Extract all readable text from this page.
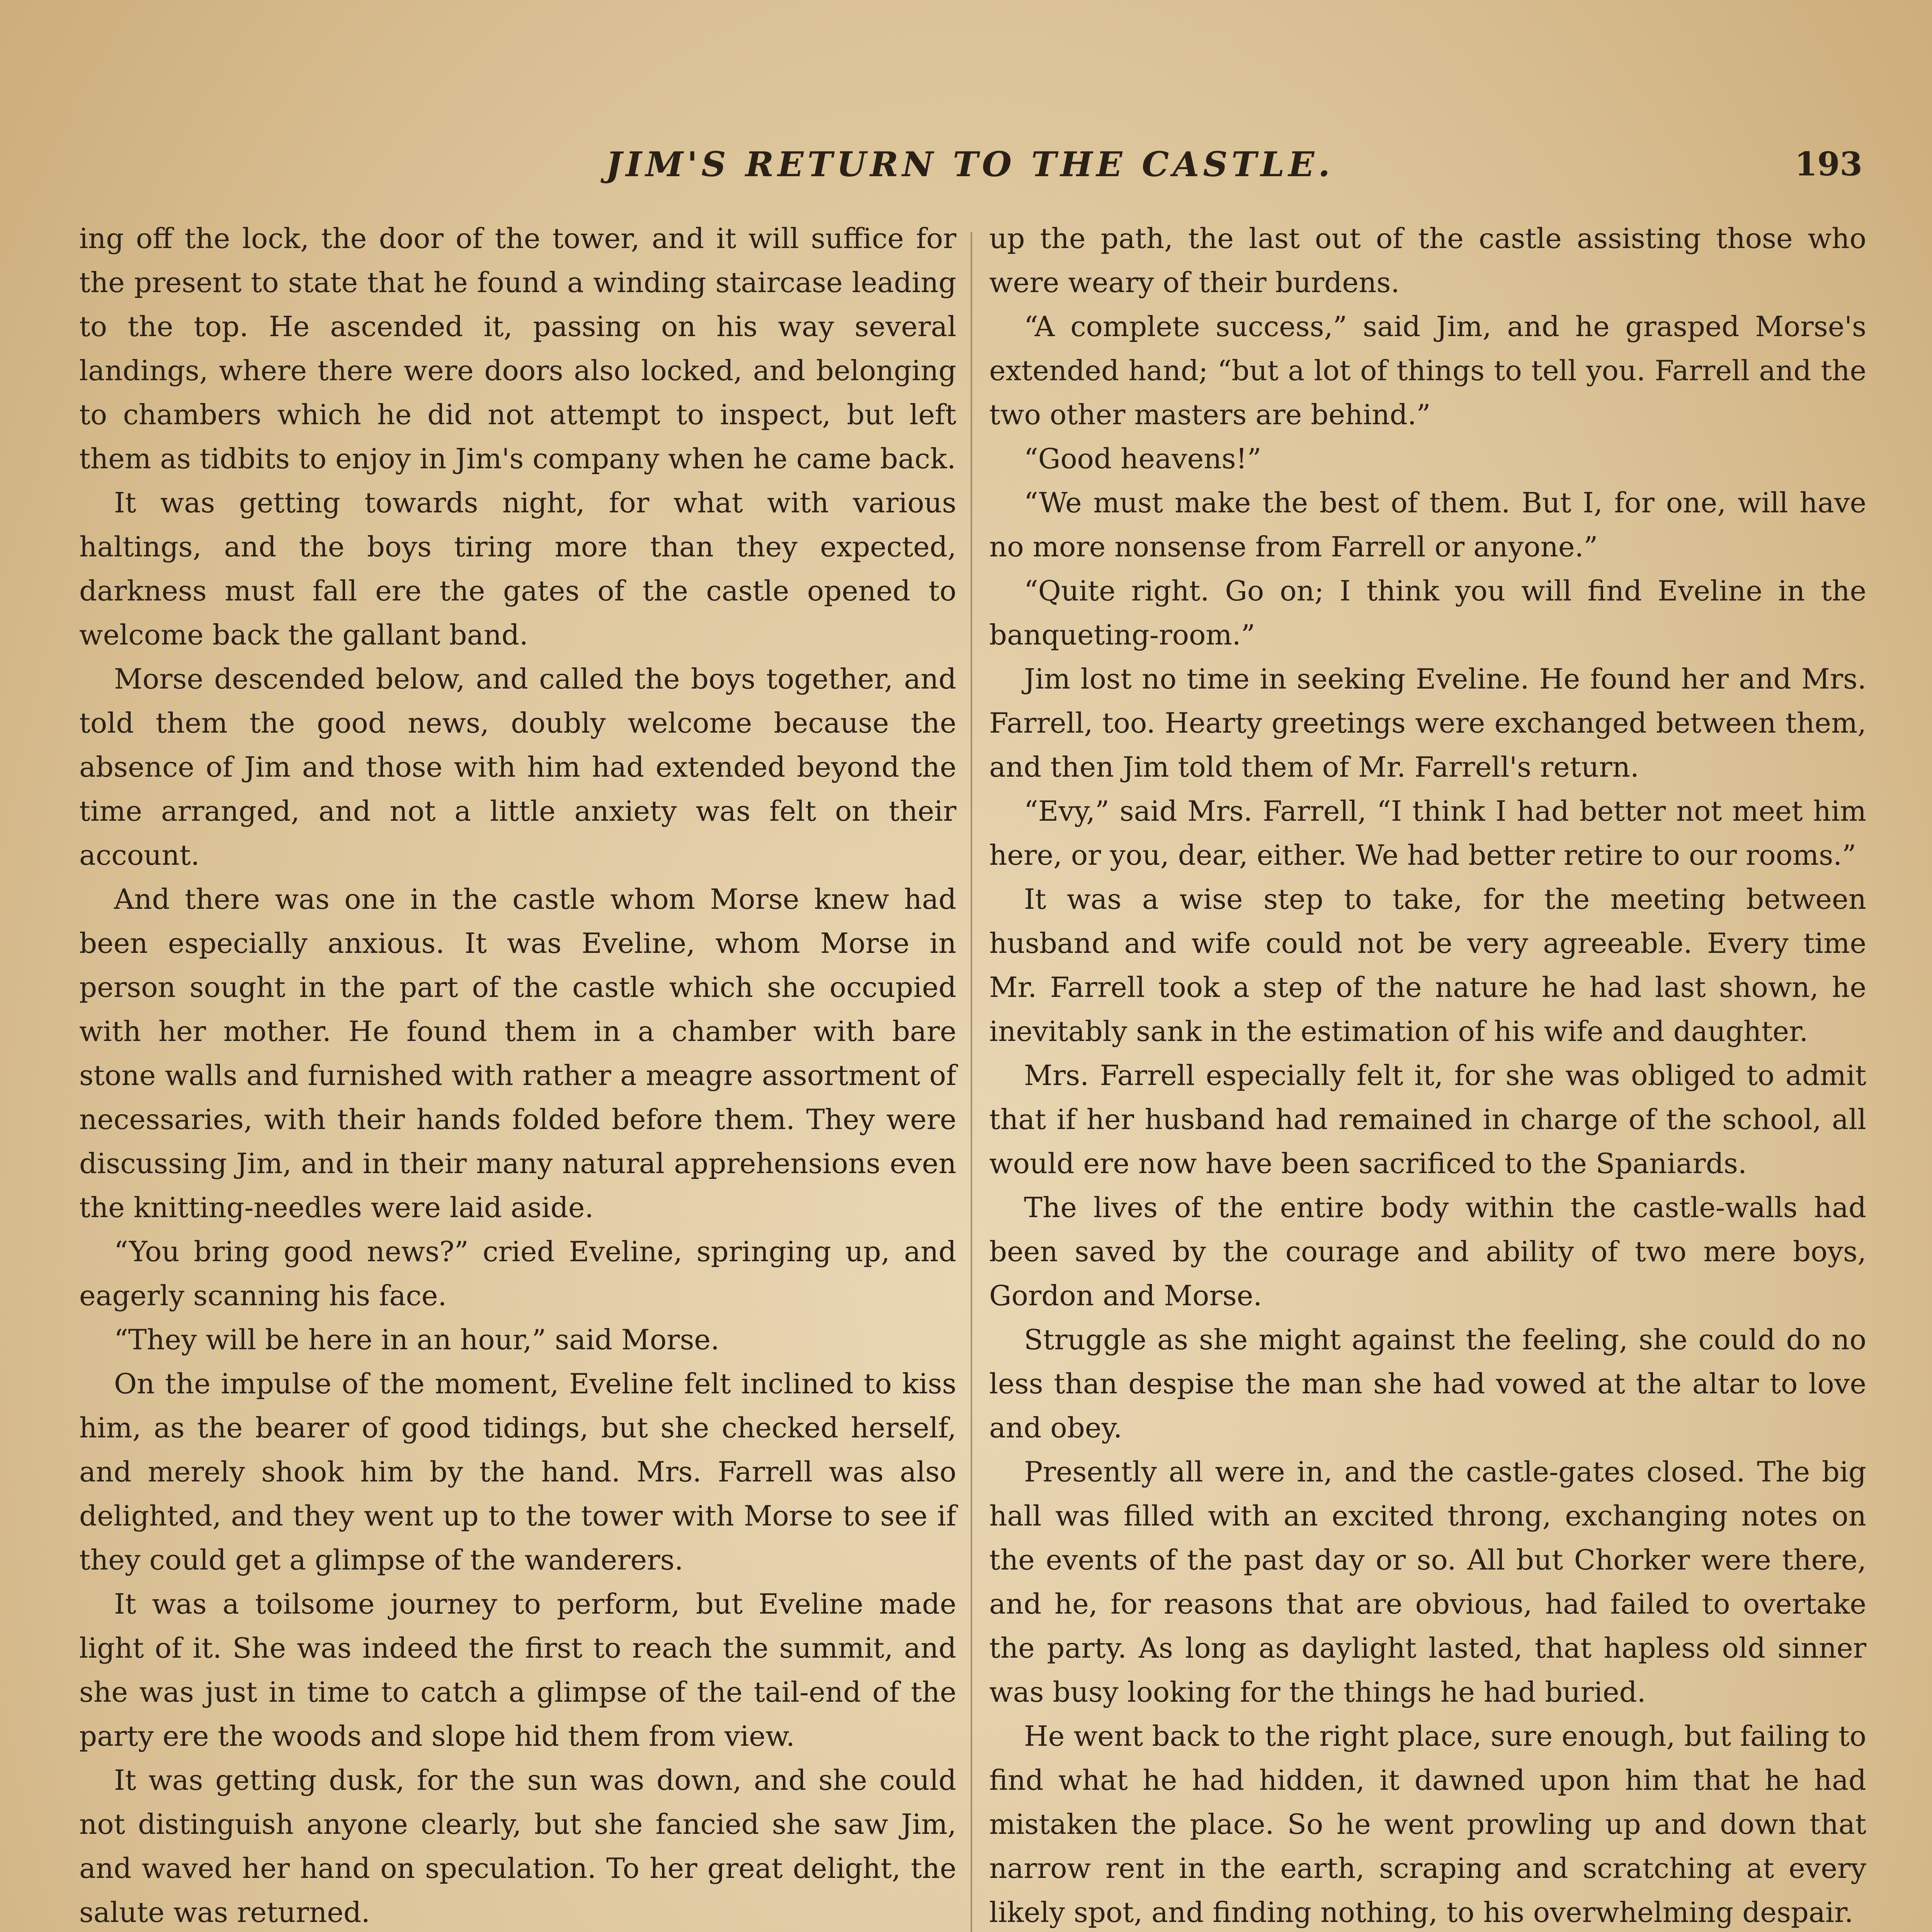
JIM'S RETURN TO THE CASTLE.	193

ing off the lock, the door of the tower, and it will suffice for the present to state that he found a winding staircase leading to the top. He ascended it, passing on his way several landings, where there were doors also locked, and belonging to chambers which he did not attempt to inspect, but left them as tidbits to enjoy in Jim's company when he came back.

It was getting towards night, for what with various haltings, and the boys tiring more than they expected, darkness must fall ere the gates of the castle opened to welcome back the gallant band.

Morse descended below, and called the boys together, and told them the good news, doubly welcome because the absence of Jim and those with him had extended beyond the time arranged, and not a little anxiety was felt on their account.

And there was one in the castle whom Morse knew had been especially anxious. It was Eveline, whom Morse in person sought in the part of the castle which she occupied with her mother. He found them in a chamber with bare stone walls and furnished with rather a meagre assortment of necessaries, with their hands folded before them. They were discussing Jim, and in their many natural apprehensions even the knitting-needles were laid aside.

“You bring good news?” cried Eveline, springing up, and eagerly scanning his face.

“They will be here in an hour,” said Morse.

On the impulse of the moment, Eveline felt inclined to kiss him, as the bearer of good tidings, but she checked herself, and merely shook him by the hand. Mrs. Farrell was also delighted, and they went up to the tower with Morse to see if they could get a glimpse of the wanderers.

It was a toilsome journey to perform, but Eveline made light of it. She was indeed the first to reach the summit, and she was just in time to catch a glimpse of the tail-end of the party ere the woods and slope hid them from view.

It was getting dusk, for the sun was down, and she could not distinguish anyone clearly, but she fancied she saw Jim, and waved her hand on speculation. To her great delight, the salute was returned.

up the path, the last out of the castle assisting those who were weary of their burdens.

“A complete success,” said Jim, and he grasped Morse's extended hand; “but a lot of things to tell you. Farrell and the two other masters are behind.”

“Good heavens!”

“We must make the best of them. But I, for one, will have no more nonsense from Farrell or anyone.”

“Quite right. Go on; I think you will find Eveline in the banqueting-room.”

Jim lost no time in seeking Eveline. He found her and Mrs. Farrell, too. Hearty greetings were exchanged between them, and then Jim told them of Mr. Farrell's return.

“Evy,” said Mrs. Farrell, “I think I had better not meet him here, or you, dear, either. We had better retire to our rooms.”

It was a wise step to take, for the meeting between husband and wife could not be very agreeable. Every time Mr. Farrell took a step of the nature he had last shown, he inevitably sank in the estimation of his wife and daughter.

Mrs. Farrell especially felt it, for she was obliged to admit that if her husband had remained in charge of the school, all would ere now have been sacrificed to the Spaniards.

The lives of the entire body within the castle-walls had been saved by the courage and ability of two mere boys, Gordon and Morse.

Struggle as she might against the feeling, she could do no less than despise the man she had vowed at the altar to love and obey.

Presently all were in, and the castle-gates closed. The big hall was filled with an excited throng, exchanging notes on the events of the past day or so. All but Chorker were there, and he, for reasons that are obvious, had failed to overtake the party. As long as daylight lasted, that hapless old sinner was busy looking for the things he had buried.

He went back to the right place, sure enough, but failing to find what he had hidden, it dawned upon him that he had mistaken the place. So he went prowling up and down that narrow rent in the earth, scraping and scratching at every likely spot, and finding nothing, to his overwhelming despair.
